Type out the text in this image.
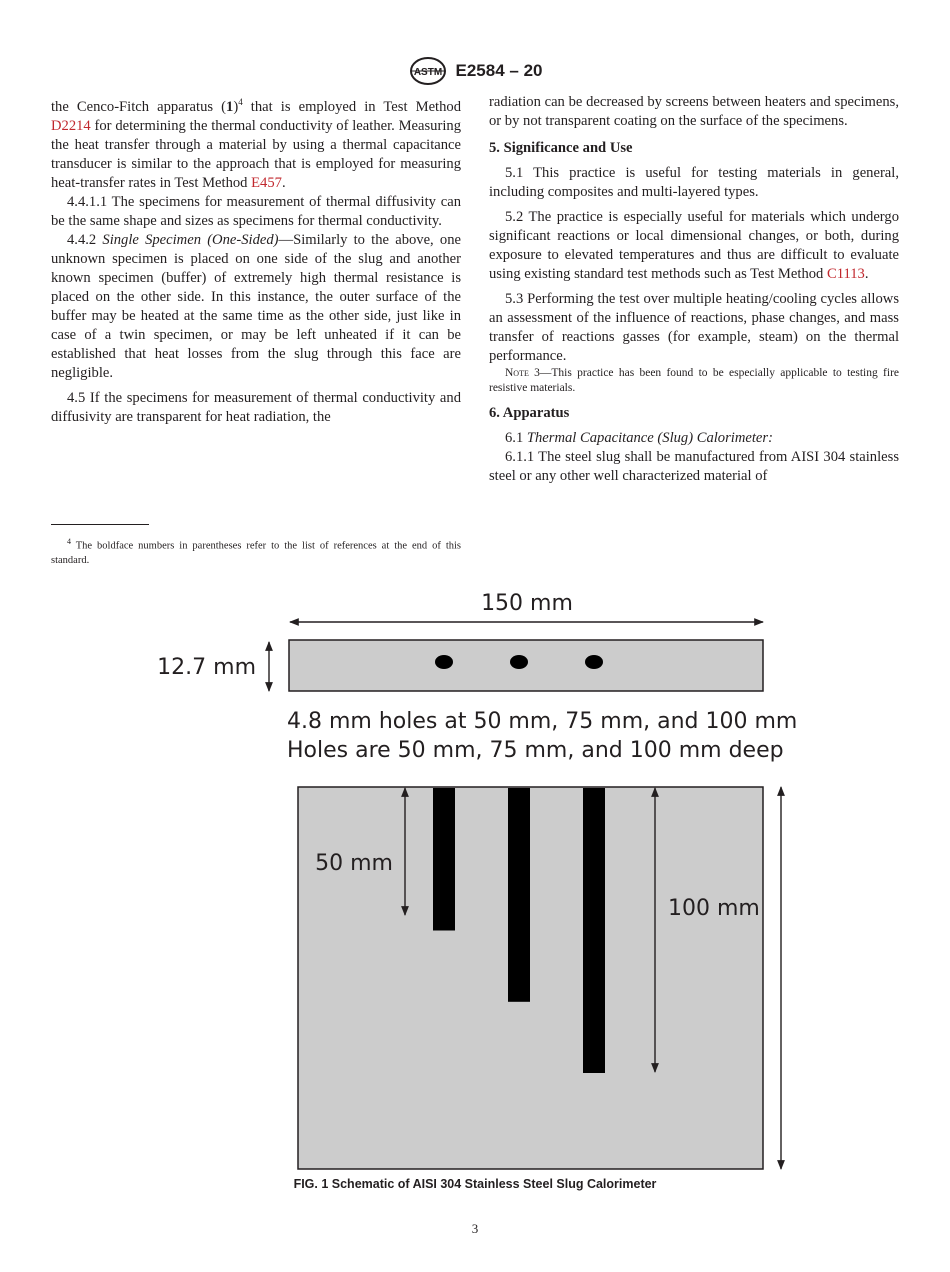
ASTM E2584 – 20

the Cenco-Fitch apparatus $(1)^4$ that is employed in Test Method D2214 for determining the thermal conductivity of leather. Measuring the heat transfer through a material by using a thermal capacitance transducer is similar to the approach that is employed for measuring heat-transfer rates in Test Method E457.

4.4.1.1 The specimens for measurement of thermal diffusivity can be the same shape and sizes as specimens for thermal conductivity.

4.4.2 Single Specimen (One-Sided)—Similarly to the above, one unknown specimen is placed on one side of the slug and another known specimen (buffer) of extremely high thermal resistance is placed on the other side. In this instance, the outer surface of the buffer may be heated at the same time as the other side, just like in case of a twin specimen, or may be left unheated if it can be established that heat losses from the slug through this face are negligible.

4.5 If the specimens for measurement of thermal conductivity and diffusivity are transparent for heat radiation, the

radiation can be decreased by screens between heaters and specimens, or by not transparent coating on the surface of the specimens.

5. Significance and Use

5.1 This practice is useful for testing materials in general, including composites and multi-layered types.

5.2 The practice is especially useful for materials which undergo significant reactions or local dimensional changes, or both, during exposure to elevated temperatures and thus are difficult to evaluate using existing standard test methods such as Test Method C1113.

5.3 Performing the test over multiple heating/cooling cycles allows an assessment of the influence of reactions, phase changes, and mass transfer of reactions gasses (for example, steam) on the thermal performance.

Note 3—This practice has been found to be especially applicable to testing fire resistive materials.

6. Apparatus

6.1 Thermal Capacitance (Slug) Calorimeter:

6.1.1 The steel slug shall be manufactured from AISI 304 stainless steel or any other well characterized material of

$^4$ The boldface numbers in parentheses refer to the list of references at the end of this standard.

150 mm
12.7 mm
4.8 mm holes at 50 mm, 75 mm, and 100 mm
Holes are 50 mm, 75 mm, and 100 mm deep
50 mm
100 mm
FIG. 1 Schematic of AISI 304 Stainless Steel Slug Calorimeter
3
